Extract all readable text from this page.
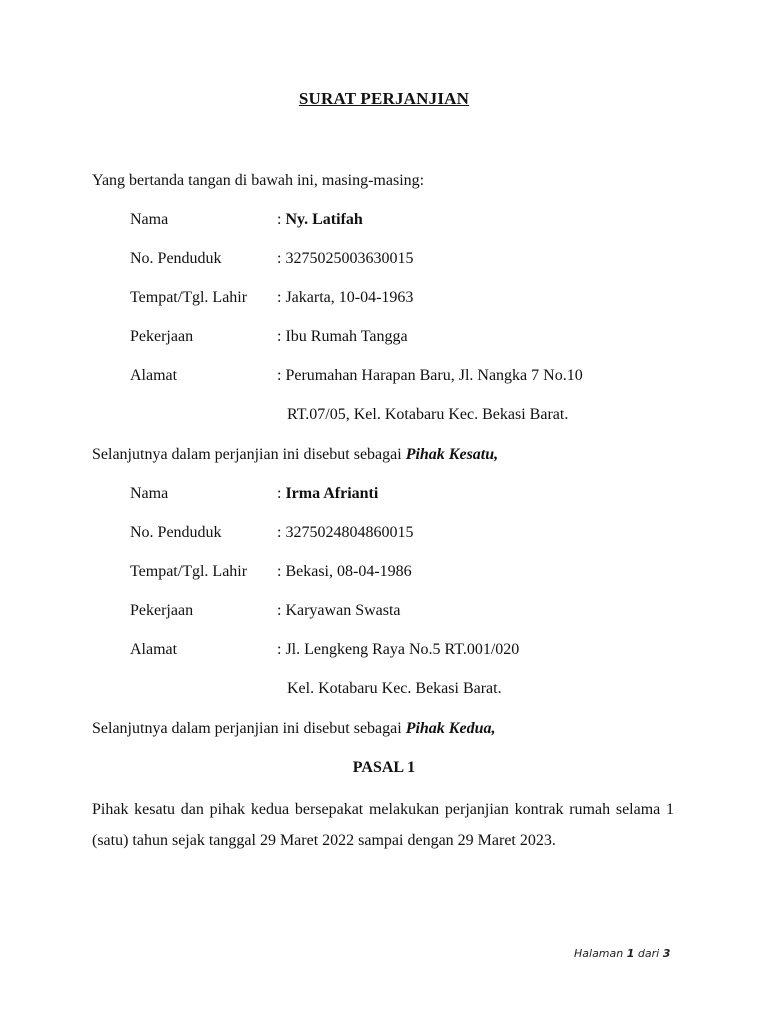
SURAT PERJANJIAN
Yang bertanda tangan di bawah ini, masing-masing:
Nama	: Ny. Latifah
No. Penduduk	: 3275025003630015
Tempat/Tgl. Lahir : Jakarta, 10-04-1963
Pekerjaan	: Ibu Rumah Tangga
Alamat	: Perumahan Harapan Baru, Jl. Nangka 7 No.10
RT.07/05, Kel. Kotabaru Kec. Bekasi Barat.
Selanjutnya dalam perjanjian ini disebut sebagai Pihak Kesatu,
Nama	: Irma Afrianti
No. Penduduk	: 3275024804860015
Tempat/Tgl. Lahir : Bekasi, 08-04-1986
Pekerjaan	: Karyawan Swasta
Alamat	: Jl. Lengkeng Raya No.5 RT.001/020
Kel. Kotabaru Kec. Bekasi Barat.
Selanjutnya dalam perjanjian ini disebut sebagai Pihak Kedua,
PASAL 1
Pihak kesatu dan pihak kedua bersepakat melakukan perjanjian kontrak rumah selama 1 (satu) tahun sejak tanggal 29 Maret 2022 sampai dengan 29 Maret 2023.
Halaman 1 dari 3
